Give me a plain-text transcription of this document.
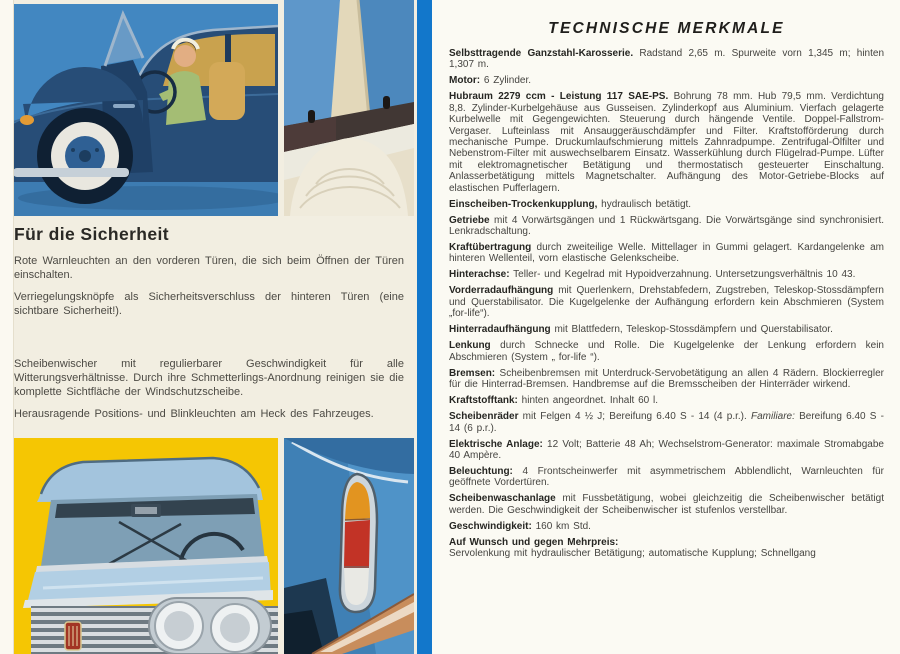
Für die Sicherheit

Rote Warnleuchten an den vorderen Türen, die sich beim Öffnen der Türen einschalten.

Verriegelungsknöpfe als Sicherheitsverschluss der hinteren Türen (eine sichtbare Sicherheit!).

Scheibenwischer mit regulierbarer Geschwindigkeit für alle Witterungsverhältnisse. Durch ihre Schmetterlings-Anordnung reinigen sie die komplette Sichtfläche der Windschutzscheibe.

Herausragende Positions- und Blinkleuchten am Heck des Fahrzeuges.

TECHNISCHE MERKMALE

Selbsttragende Ganzstahl-Karosserie. Radstand 2,65 m. Spurweite vorn 1,345 m; hinten 1,307 m.

Motor: 6 Zylinder.

Hubraum 2279 ccm - Leistung 117 SAE-PS. Bohrung 78 mm. Hub 79,5 mm. Verdichtung 8,8. Zylinder-Kurbelgehäuse aus Gusseisen. Zylinderkopf aus Aluminium. Vierfach gelagerte Kurbelwelle mit Gegengewichten. Steuerung durch hängende Ventile. Doppel-Fallstrom-Vergaser. Lufteinlass mit Ansauggeräuschdämpfer und Filter. Kraftstofförderung durch mechanische Pumpe. Druckumlaufschmierung mittels Zahnradpumpe. Zentrifugal-Ölfilter und Nebenstrom-Filter mit auswechselbarem Einsatz. Wasserkühlung durch Flügelrad-Pumpe. Lüfter mit elektromagnetischer Betätigung und thermostatisch gesteuerter Einschaltung. Anlasserbetätigung mittels Magnetschalter. Aufhängung des Motor-Getriebe-Blocks auf elastischen Pufferlagern.

Einscheiben-Trockenkupplung, hydraulisch betätigt.

Getriebe mit 4 Vorwärtsgängen und 1 Rückwärtsgang. Die Vorwärtsgänge sind synchronisiert. Lenkradschaltung.

Kraftübertragung durch zweiteilige Welle. Mittellager in Gummi gelagert. Kardangelenke am hinteren Wellenteil, vorn elastische Gelenkscheibe.

Hinterachse: Teller- und Kegelrad mit Hypoidverzahnung. Untersetzungsverhältnis 10 43.

Vorderradaufhängung mit Querlenkern, Drehstabfedern, Zugstreben, Teleskop-Stossdämpfern und Querstabilisator. Die Kugelgelenke der Aufhängung erfordern kein Abschmieren (System „for-life“).

Hinterradaufhängung mit Blattfedern, Teleskop-Stossdämpfern und Querstabilisator.

Lenkung durch Schnecke und Rolle. Die Kugelgelenke der Lenkung erfordern kein Abschmieren (System „ for-life “).

Bremsen: Scheibenbremsen mit Unterdruck-Servobetätigung an allen 4 Rädern. Blockierregler für die Hinterrad-Bremsen. Handbremse auf die Bremsscheiben der Hinterräder wirkend.

Kraftstofftank: hinten angeordnet. Inhalt 60 l.

Scheibenräder mit Felgen 4 ½ J; Bereifung 6.40 S - 14 (4 p.r.). Familiare: Bereifung 6.40 S - 14 (6 p.r.).

Elektrische Anlage: 12 Volt; Batterie 48 Ah; Wechselstrom-Generator: maximale Stromabgabe 40 Ampère.

Beleuchtung: 4 Frontscheinwerfer mit asymmetrischem Abblendlicht, Warnleuchten für geöffnete Vordertüren.

Scheibenwaschanlage mit Fussbetätigung, wobei gleichzeitig die Scheibenwischer betätigt werden. Die Geschwindigkeit der Scheibenwischer ist stufenlos verstellbar.

Geschwindigkeit: 160 km Std.

Auf Wunsch und gegen Mehrpreis:
Servolenkung mit hydraulischer Betätigung; automatische Kupplung; Schnellgang
